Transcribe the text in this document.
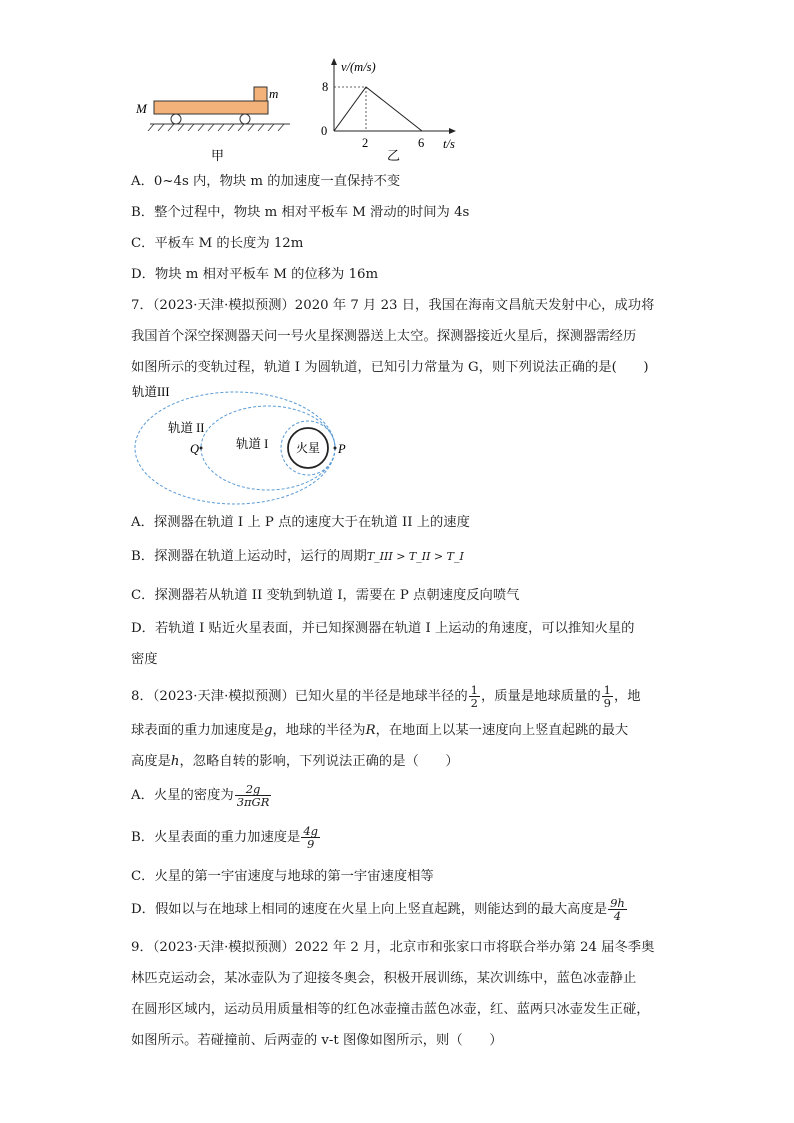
M
m
甲
v/(m/s)
8
0
2	6 t/s
乙
A．0~4s 内，物块 m 的加速度一直保持不变
B．整个过程中，物块 m 相对平板车 M 滑动的时间为 4s
C．平板车 M 的长度为 12m
D．物块 m 相对平板车 M 的位移为 16m
7．（2023·天津·模拟预测）2020 年 7 月 23 日，我国在海南文昌航天发射中心，成功将
我国首个深空探测器天问一号火星探测器送上太空。探测器接近火星后，探测器需经历
如图所示的变轨过程，轨道 I 为圆轨道，已知引力常量为 G，则下列说法正确的是(　　)
轨道III
轨道 II
轨道 I 火星
Q	P
A．探测器在轨道 I 上 P 点的速度大于在轨道 II 上的速度
B．探测器在轨道上运动时，运行的周期T_III > T_II > T_I
C．探测器若从轨道 II 变轨到轨道 I，需要在 P 点朝速度反向喷气
D．若轨道 I 贴近火星表面，并已知探测器在轨道 I 上运动的角速度，可以推知火星的
密度
8．（2023·天津·模拟预测）已知火星的半径是地球半径的 $\frac{1}{2}$ ，质量是地球质量的 $\frac{1}{9}$ ，地
球表面的重力加速度是g，地球的半径为R，在地面上以某一速度向上竖直起跳的最大
高度是h，忽略自转的影响，下列说法正确的是（　　）
A．火星的密度为 $\frac{2g}{\text{3πGR}}$
B．火星表面的重力加速度是 $\frac{4g}{9}$
C．火星的第一宇宙速度与地球的第一宇宙速度相等
D．假如以与在地球上相同的速度在火星上向上竖直起跳，则能达到的最大高度是 $\frac{9h}{4}$
9．（2023·天津·模拟预测）2022 年 2 月，北京市和张家口市将联合举办第 24 届冬季奥
林匹克运动会，某冰壶队为了迎接冬奥会，积极开展训练，某次训练中，蓝色冰壶静止
在圆形区域内，运动员用质量相等的红色冰壶撞击蓝色冰壶，红、蓝两只冰壶发生正碰，
如图所示。若碰撞前、后两壶的 v-t 图像如图所示，则（　　）
